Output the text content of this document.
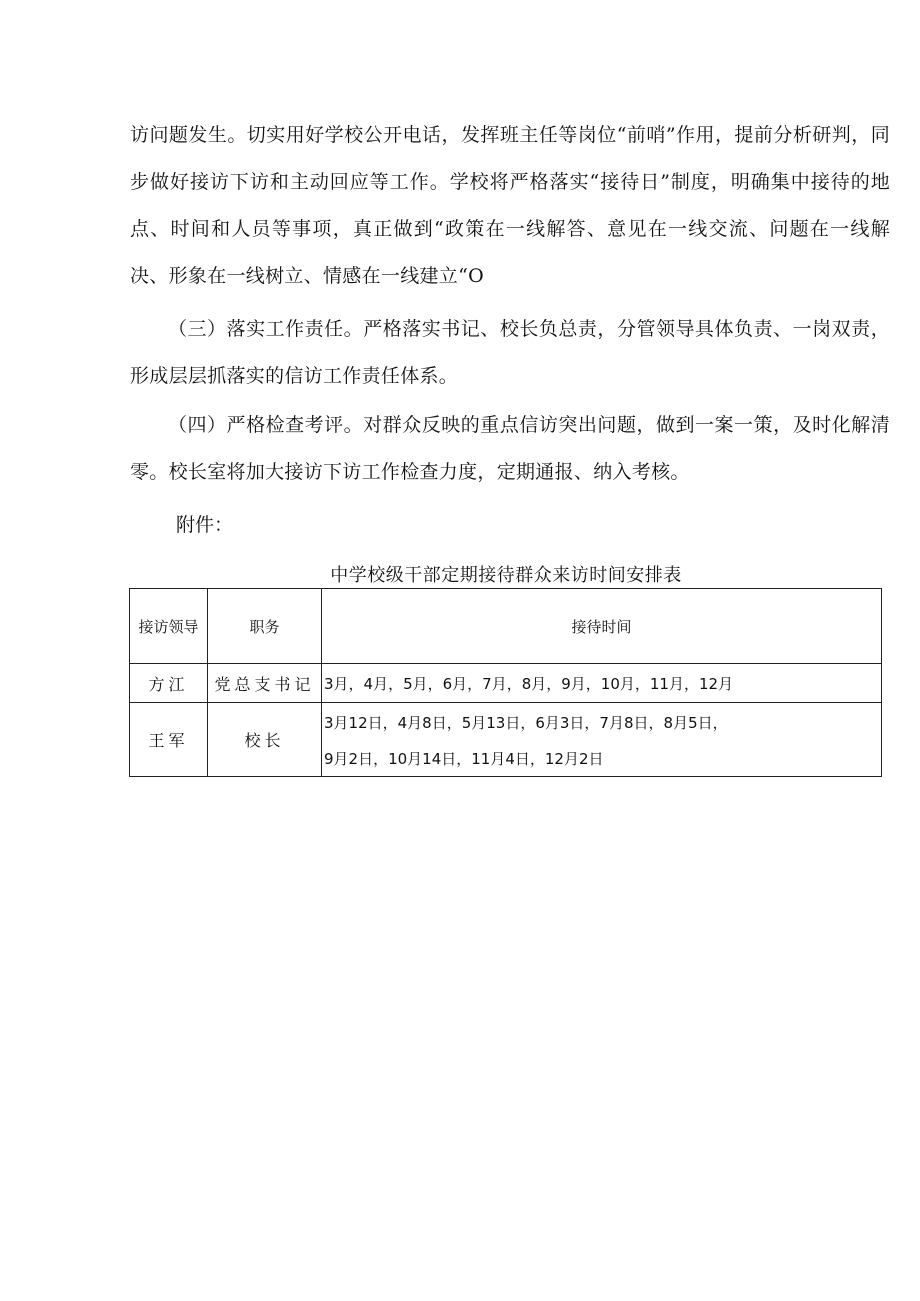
访问题发生。切实用好学校公开电话，发挥班主任等岗位“前哨”作用，提前分析研判，同步做好接访下访和主动回应等工作。学校将严格落实“接待日”制度，明确集中接待的地点、时间和人员等事项，真正做到“政策在一线解答、意见在一线交流、问题在一线解决、形象在一线树立、情感在一线建立“O
（三）落实工作责任。严格落实书记、校长负总责，分管领导具体负责、一岗双责，形成层层抓落实的信访工作责任体系。
（四）严格检查考评。对群众反映的重点信访突出问题，做到一案一策，及时化解清零。校长室将加大接访下访工作检查力度，定期通报、纳入考核。
附件：
中学校级干部定期接待群众来访时间安排表
接访领导	职务	接待时间
方江	党总支书记	3月，4月，5月，6月，7月，8月，9月，10月，11月，12月

王军	校长	3月12日，4月8日，5月13日，6月3日，7月8日，8月5日，
9月2日，10月14日，11月4日，12月2日
